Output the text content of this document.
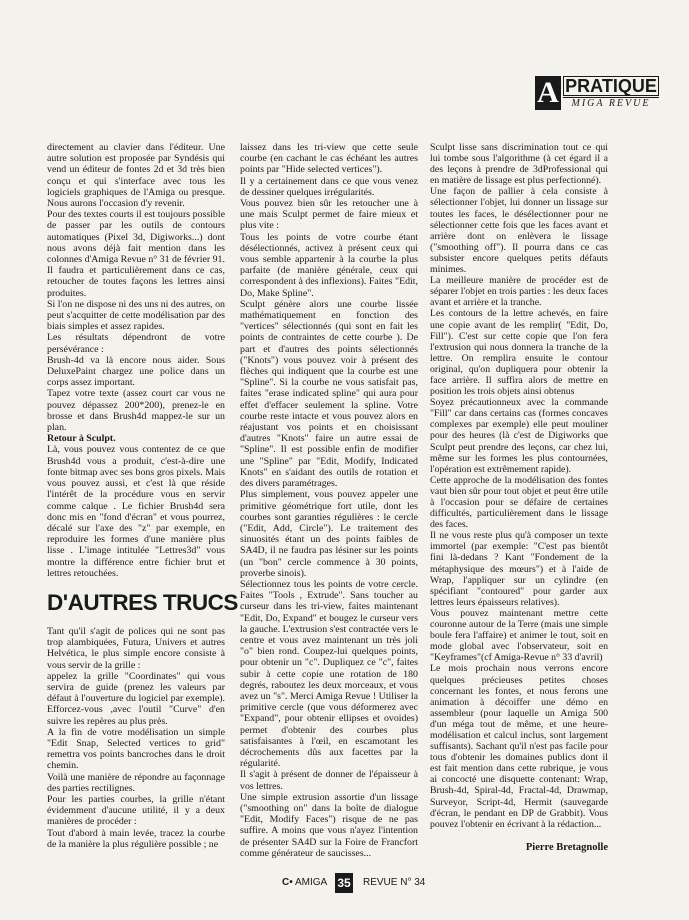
A PRATIQUE
MIGA REVUE

directement au clavier dans l'éditeur. Une autre solution est proposée par Syndésis qui vend un éditeur de fontes 2d et 3d très bien conçu et qui s'interface avec tous les logiciels graphiques de l'Amiga ou presque. Nous aurons l'occasion d'y revenir.

Pour des textes courts il est toujours possible de passer par les outils de contours automatiques (Pixel 3d, Digiworks...) dont nous avons déjà fait mention dans les colonnes d'Amiga Revue n° 31 de février 91.

Il faudra et particulièrement dans ce cas, retoucher de toutes façons les lettres ainsi produites.

Si l'on ne dispose ni des uns ni des autres, on peut s'acquitter de cette modélisation par des biais simples et assez rapides.

Les résultats dépendront de votre persévérance :

Brush-4d va là encore nous aider. Sous DeluxePaint chargez une police dans un corps assez important.

Tapez votre texte (assez court car vous ne pouvez dépassez 200*200), prenez-le en brosse et dans Brush4d mappez-le sur un plan.

Retour à Sculpt.

Là, vous pouvez vous contentez de ce que Brush4d vous a produit, c'est-à-dire une fonte bitmap avec ses bons gros pixels. Mais vous pouvez aussi, et c'est là que réside l'intérêt de la procédure vous en servir comme calque . Le fichier Brush4d sera donc mis en "fond d'écran" et vous pourrez, décalé sur l'axe des "z" par exemple, en reproduire les formes d'une manière plus lisse . L'image intitulée "Lettres3d" vous montre la différence entre fichier brut et lettres retouchées.

D'AUTRES TRUCS

Tant qu'il s'agit de polices qui ne sont pas trop alambiquées, Futura, Univers et autres Helvética, le plus simple encore consiste à vous servir de la grille :

appelez la grille "Coordinates" qui vous servira de guide (prenez les valeurs par défaut à l'ouverture du logiciel par exemple). Efforcez-vous ,avec l'outil "Curve" d'en suivre les repères au plus près.

A la fin de votre modélisation un simple "Edit Snap, Selected vertices to grid" remettra vos points bancroches dans le droit chemin.

Voilà une manière de répondre au façonnage des parties rectilignes.

Pour les parties courbes, la grille n'étant évidemment d'aucune utilité, il y a deux manières de procéder :

Tout d'abord à main levée, tracez la courbe de la manière la plus régulière possible ; ne

laissez dans les tri-view que cette seule courbe (en cachant le cas échéant les autres points par "Hide selected vertices").

Il y a certainement dans ce que vous venez de dessiner quelques irrégularités.

Vous pouvez bien sûr les retoucher une à une mais Sculpt permet de faire mieux et plus vite :

Tous les points de votre courbe étant désélectionnés, activez à présent ceux qui vous semble appartenir à la courbe la plus parfaite (de manière générale, ceux qui correspondent à des inflexions). Faites "Edit, Do, Make Spline".

Sculpt génère alors une courbe lissée mathématiquement en fonction des "vertices" sélectionnés (qui sont en fait les points de contraintes de cette courbe ). De part et d'autres des points sélectionnés ("Knots") vous pouvez voir à présent des flèches qui indiquent que la courbe est une "Spline". Si la courbe ne vous satisfait pas, faites "erase indicated spline" qui aura pour effet d'effacer seulement la spline. Votre courbe reste intacte et vous pouvez alors en réajustant vos points et en choisissant d'autres "Knots" faire un autre essai de "Spline". Il est possible enfin de modifier une "Spline" par "Edit, Modify, Indicated Knots" en s'aidant des outils de rotation et des divers paramétrages.

Plus simplement, vous pouvez appeler une primitive géométrique fort utile, dont les courbes sont garanties régulières : le cercle ("Edit, Add, Circle"). Le traitement des sinuosités étant un des points faibles de SA4D, il ne faudra pas lésiner sur les points (un "bon" cercle commence à 30 points, proverbe sinois).

Sélectionnez tous les points de votre cercle. Faites "Tools , Extrude". Sans toucher au curseur dans les tri-view, faites maintenant "Edit, Do, Expand" et bougez le curseur vers la gauche. L'extrusion s'est contractée vers le centre et vous avez maintenant un très joli "o" bien rond. Coupez-lui quelques points, pour obtenir un "c". Dupliquez ce "c", faites subir à cette copie une rotation de 180 degrés, raboutez les deux morceaux, et vous avez un "s". Merci Amiga Revue ! Utiliser la primitive cercle (que vous déformerez avec "Expand", pour obtenir ellipses et ovoides) permet d'obtenir des courbes plus satisfaisantes à l'œil, en escamotant les décrochements dûs aux facettes par la régularité.

Il s'agit à présent de donner de l'épaisseur à vos lettres.

Une simple extrusion assortie d'un lissage ("smoothing on" dans la boîte de dialogue "Edit, Modify Faces") risque de ne pas suffire. A moins que vous n'ayez l'intention de présenter SA4D sur la Foire de Francfort comme générateur de saucisses...

Sculpt lisse sans discrimination tout ce qui lui tombe sous l'algorithme (à cet égard il a des leçons à prendre de 3dProfessional qui en matière de lissage est plus perfectionné).

Une façon de pallier à cela consiste à sélectionner l'objet, lui donner un lissage sur toutes les faces, le désélectionner pour ne sélectionner cette fois que les faces avant et arrière dont on enlèvera le lissage ("smoothing off"). Il pourra dans ce cas subsister encore quelques petits défauts minimes.

La meilleure manière de procéder est de séparer l'objet en trois parties : les deux faces avant et arrière et la tranche.

Les contours de la lettre achevés, en faire une copie avant de les remplir( "Edit, Do, Fill"). C'est sur cette copie que l'on fera l'extrusion qui nous donnera la tranche de la lettre. On remplira ensuite le contour original, qu'on dupliquera pour obtenir la face arrière. Il suffira alors de mettre en position les trois objets ainsi obtenus

Soyez précautionneux avec la commande "Fill" car dans certains cas (formes concaves complexes par exemple) elle peut mouliner pour des heures (là c'est de Digiworks que Sculpt peut prendre des leçons, car chez lui, même sur les formes les plus contournées, l'opération est extrêmement rapide).

Cette approche de la modélisation des fontes vaut bien sûr pour tout objet et peut être utile à l'occasion pour se défaire de certaines difficultés, particulièrement dans le lissage des faces.

Il ne vous reste plus qu'à composer un texte immortel (par exemple: "C'est pas bientôt fini là-dedans ? Kant "Fondement de la métaphysique des mœurs") et à l'aide de Wrap, l'appliquer sur un cylindre (en spécifiant "contoured" pour garder aux lettres leurs épaisseurs relatives).

Vous pouvez maintenant mettre cette couronne autour de la Terre (mais une simple boule fera l'affaire) et animer le tout, soit en mode global avec l'observateur, soit en "Keyframes"(cf Amiga-Revue n° 33 d'avril)

Le mois prochain nous verrons encore quelques précieuses petites choses concernant les fontes, et nous ferons une animation à décoiffer une démo en assembleur (pour laquelle un Amiga 500 d'un méga tout de même, et une heure-modélisation et calcul inclus, sont largement suffisants). Sachant qu'il n'est pas facile pour tous d'obtenir les domaines publics dont il est fait mention dans cette rubrique, je vous ai concocté une disquette contenant: Wrap, Brush-4d, Spiral-4d, Fractal-4d, Drawmap, Surveyor, Script-4d, Hermit (sauvegarde d'écran, le pendant en DP de Grabbit). Vous pouvez l'obtenir en écrivant à la rédaction...

Pierre Bretagnolle
C• AMIGA 35 REVUE N° 34
